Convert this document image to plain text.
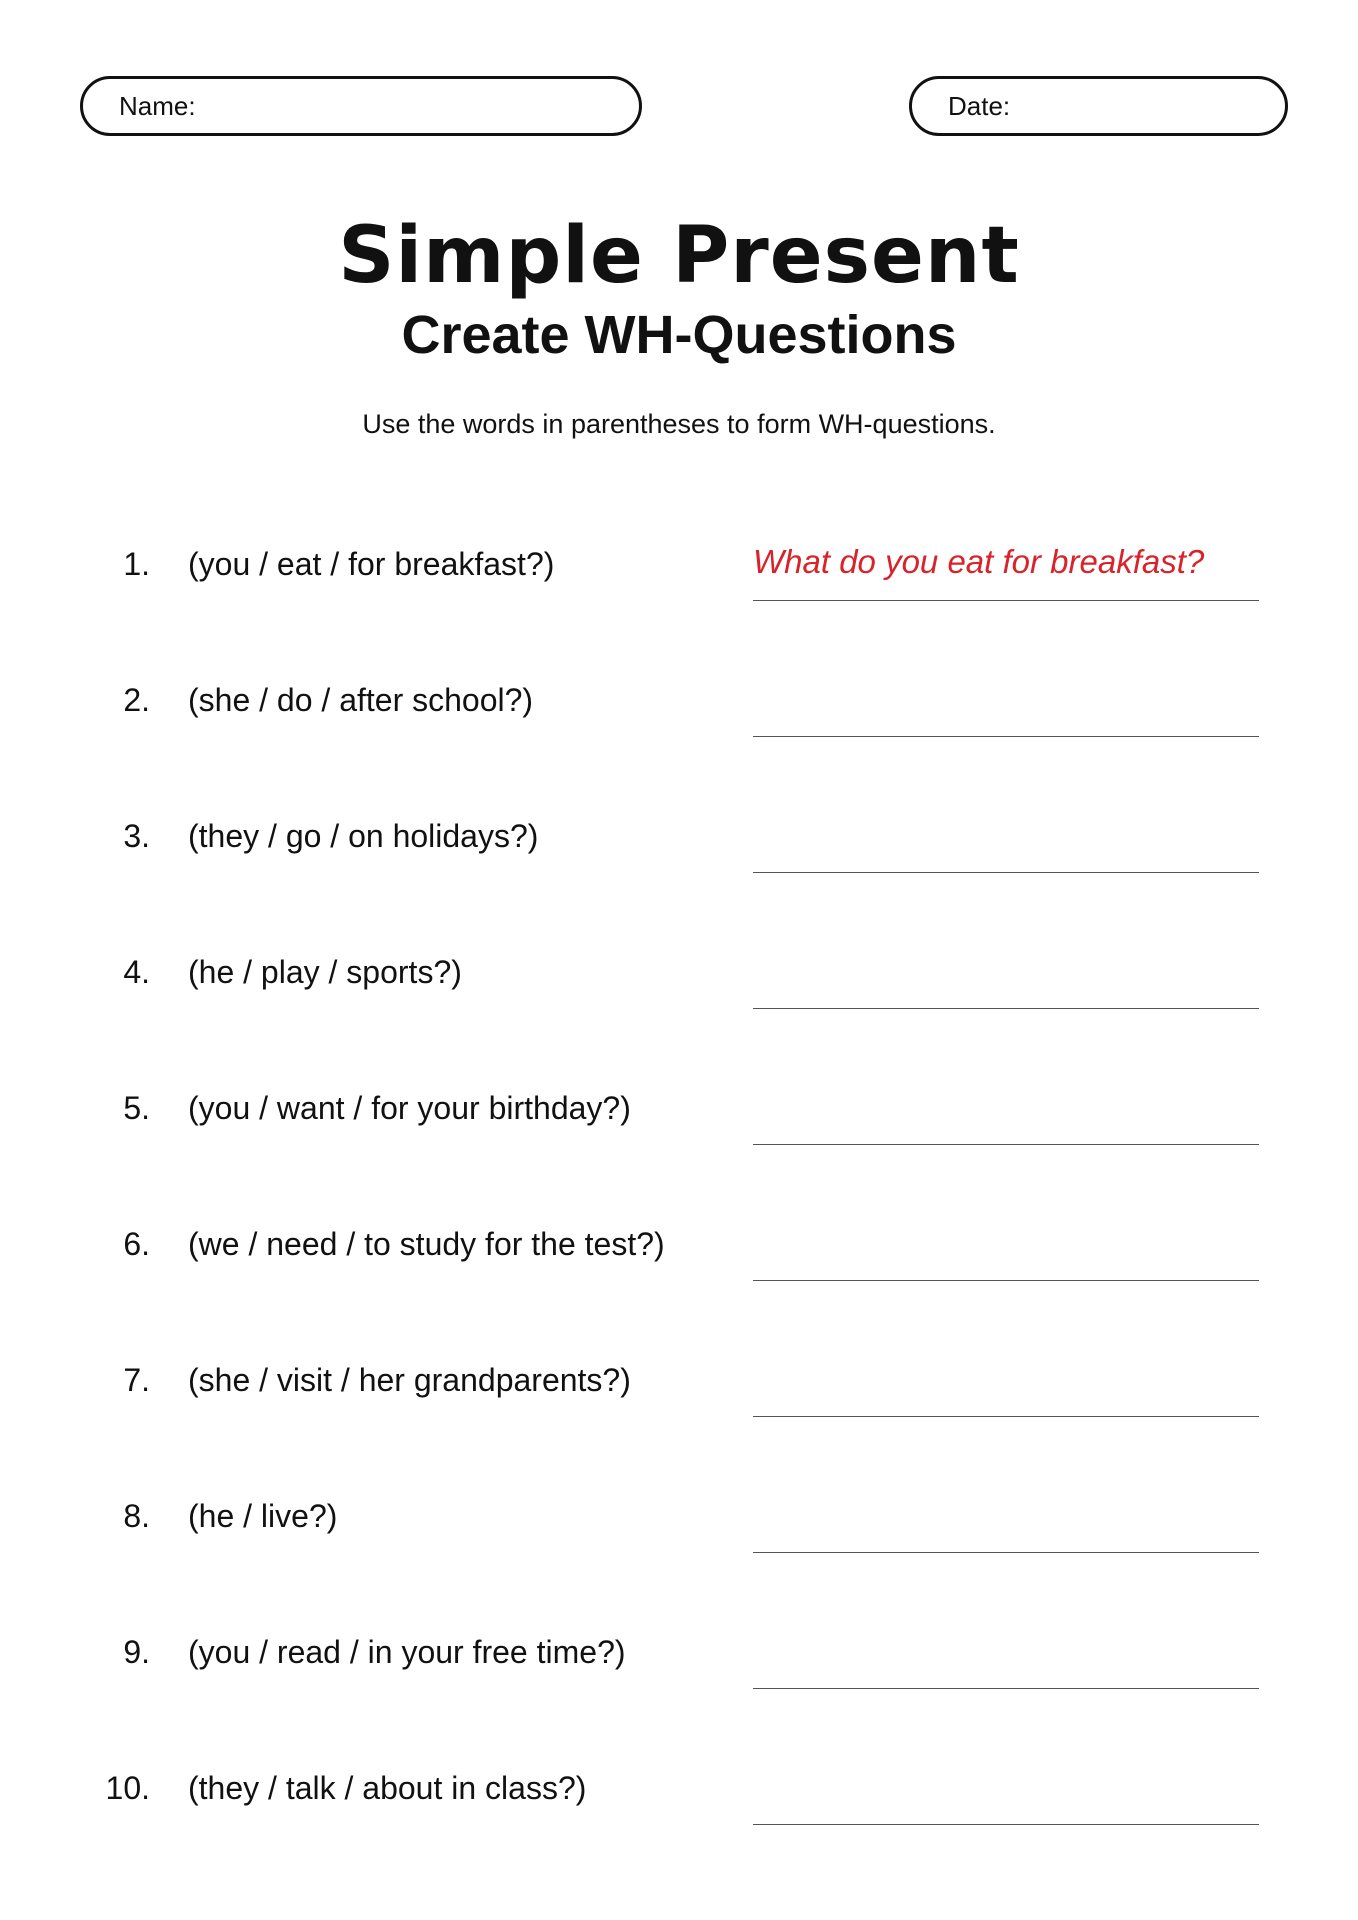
Name:	Date:
Simple Present
Create WH-Questions
Use the words in parentheses to form WH-questions.
1. (you / eat / for breakfast?)	What do you eat for breakfast?
2. (she / do / after school?)
3. (they / go / on holidays?)
4. (he / play / sports?)
5. (you / want / for your birthday?)
6. (we / need / to study for the test?)
7. (she / visit / her grandparents?)
8. (he / live?)
9. (you / read / in your free time?)
10. (they / talk / about in class?)
